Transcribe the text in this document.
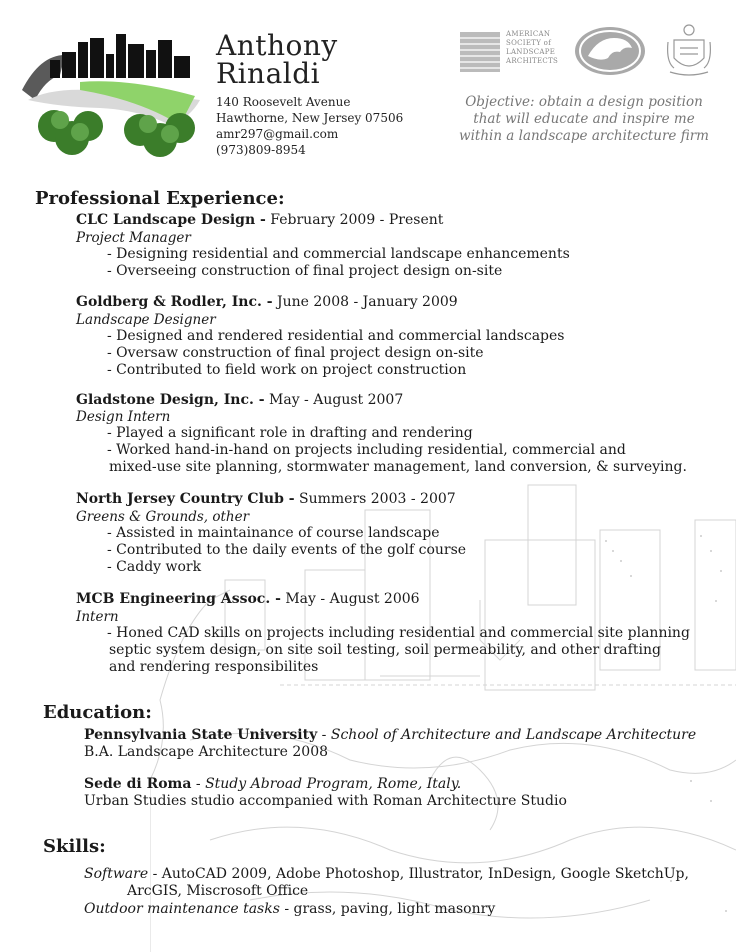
Anthony
Rinaldi
140 Roosevelt Avenue
Hawthorne, New Jersey 07506
amr297@gmail.com
(973)809-8954
AMERICAN
SOCIETY of
LANDSCAPE
ARCHITECTS
Objective: obtain a design position
that will educate and inspire me
within a landscape architecture firm
Professional Experience:
CLC Landscape Design - February 2009 - Present
Project Manager
- Designing residential and commercial landscape enhancements
- Overseeing construction of final project design on-site
Goldberg & Rodler, Inc. - June 2008 - January 2009
Landscape Designer
- Designed and rendered residential and commercial landscapes
- Oversaw construction of final project design on-site
- Contributed to field work on project construction
Gladstone Design, Inc. - May - August 2007
Design Intern
- Played a significant role in drafting and rendering
- Worked hand-in-hand on projects including residential, commercial and
mixed-use site planning, stormwater management, land conversion, & surveying.
North Jersey Country Club - Summers 2003 - 2007
Greens & Grounds, other
- Assisted in maintainance of course landscape
- Contributed to the daily events of the golf course
- Caddy work
MCB Engineering Assoc. - May - August 2006
Intern
- Honed CAD skills on projects including residential and commercial site planning
septic system design, on site soil testing, soil permeability, and other drafting
and rendering responsibilites
Education:
Pennsylvania State University - School of Architecture and Landscape Architecture
B.A. Landscape Architecture 2008
Sede di Roma - Study Abroad Program, Rome, Italy.
Urban Studies studio accompanied with Roman Architecture Studio
Skills:
Software - AutoCAD 2009, Adobe Photoshop, Illustrator, InDesign, Google SketchUp,
ArcGIS, Miscrosoft Office
Outdoor maintenance tasks - grass, paving, light masonry
